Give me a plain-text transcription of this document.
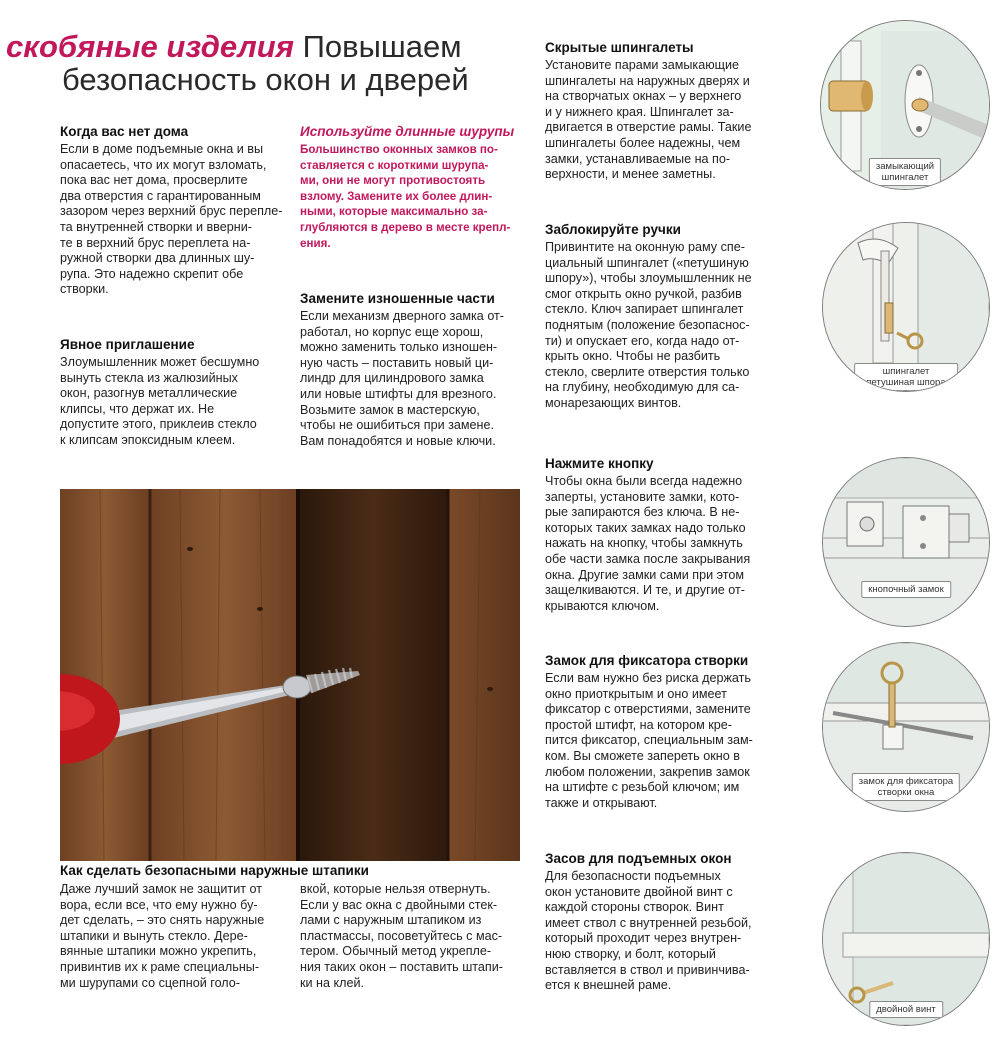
скобяные изделия Повышаем
безопасность окон и дверей
Когда вас нет дома

Если в доме подъемные окна и вы
опасаетесь, что их могут взломать,
пока вас нет дома, просверлите
два отверстия с гарантированным
зазором через верхний брус перепле-
та внутренней створки и вверни-
те в верхний брус переплета на-
ружной створки два длинных шу-
рупа. Это надежно скрепит обе
створки.

Явное приглашение

Злоумышленник может бесшумно
вынуть стекла из жалюзийных
окон, разогнув металлические
клипсы, что держат их. Не
допустите этого, приклеив стекло
к клипсам эпоксидным клеем.

Используйте длинные шурупы

Большинство оконных замков по-
ставляется с короткими шурупа-
ми, они не могут противостоять
взлому. Замените их более длин-
ными, которые максимально за-
глубляются в дерево в месте крепл-
ения.

Замените изношенные части

Если механизм дверного замка от-
работал, но корпус еще хорош,
можно заменить только изношен-
ную часть – поставить новый ци-
линдр для цилиндрового замка
или новые штифты для врезного.
Возьмите замок в мастерскую,
чтобы не ошибиться при замене.
Вам понадобятся и новые ключи.

Скрытые шпингалеты

Установите парами замыкающие
шпингалеты на наружных дверях и
на створчатых окнах – у верхнего
и у нижнего края. Шпингалет за-
двигается в отверстие рамы. Такие
шпингалеты более надежны, чем
замки, устанавливаемые на по-
верхности, и менее заметны.

Заблокируйте ручки

Привинтите на оконную раму спе-
циальный шпингалет («петушиную
шпору»), чтобы злоумышленник не
смог открыть окно ручкой, разбив
стекло. Ключ запирает шпингалет
поднятым (положение безопаснос-
ти) и опускает его, когда надо от-
крыть окно. Чтобы не разбить
стекло, сверлите отверстия только
на глубину, необходимую для са-
монарезающих винтов.

Нажмите кнопку

Чтобы окна были всегда надежно
заперты, установите замки, кото-
рые запираются без ключа. В не-
которых таких замках надо только
нажать на кнопку, чтобы замкнуть
обе части замка после закрывания
окна. Другие замки сами при этом
защелкиваются. И те, и другие от-
крываются ключом.

Замок для фиксатора створки

Если вам нужно без риска держать
окно приоткрытым и оно имеет
фиксатор с отверстиями, замените
простой штифт, на котором кре-
пится фиксатор, специальным зам-
ком. Вы сможете запереть окно в
любом положении, закрепив замок
на штифте с резьбой ключом; им
также и открывают.

Засов для подъемных окон

Для безопасности подъемных
окон установите двойной винт с
каждой стороны створок. Винт
имеет ствол с внутренней резьбой,
который проходит через внутрен-
нюю створку, и болт, который
вставляется в ствол и привинчива-
ется к внешней раме.

Как сделать безопасными наружные штапики

Даже лучший замок не защитит от
вора, если все, что ему нужно бу-
дет сделать, – это снять наружные
штапики и вынуть стекло. Дере-
вянные штапики можно укрепить,
привинтив их к раме специальны-
ми шурупами со сцепной голо-

вкой, которые нельзя отвернуть.
Если у вас окна с двойными стек-
лами с наружным штапиком из
пластмассы, посоветуйтесь с мас-
тером. Обычный метод укрепле-
ния таких окон – поставить штапи-
ки на клей.

замыкающий
шпингалет
шпингалет
«петушиная шпора»
кнопочный замок
замок для фиксатора
створки окна
двойной винт
